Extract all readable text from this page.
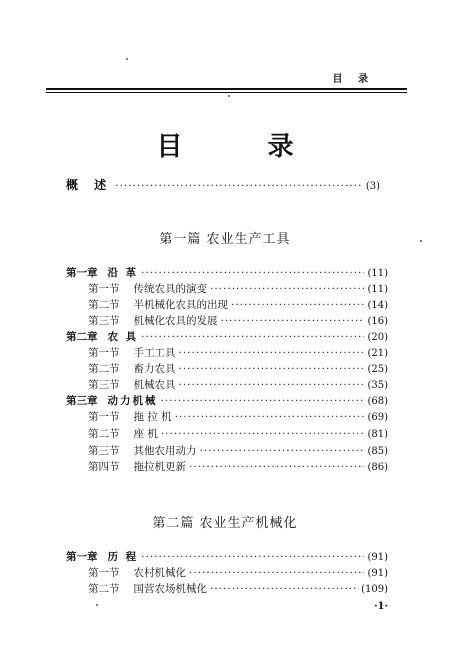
目 录
目 录
概 述 ·····	(3)
第一篇 农业生产工具
第一章 沿 革 ·····	(11)
第一节 传统农具的演变 ·····	(11)
第二节 半机械化农具的出现 ·····	(14)
第三节 机械化农具的发展 ·····	(16)
第二章 农 具 ·····	(20)
第一节 手工工具 ·····	(21)
第二节 畜力农具 ·····	(25)
第三节 机械农具 ·····	(35)
第三章 动力机械 ·····	(68)
第一节 拖 拉 机 ·····	(69)
第二节 座 机 ·····	(81)
第三节 其他农用动力 ·····	(85)
第四节 拖拉机更新 ·····	(86)
第二篇 农业生产机械化
第一章 历 程 ·····	(91)
第一节 农村机械化 ·····	(91)
第二节 国营农场机械化 ·····	(109)
·1·
